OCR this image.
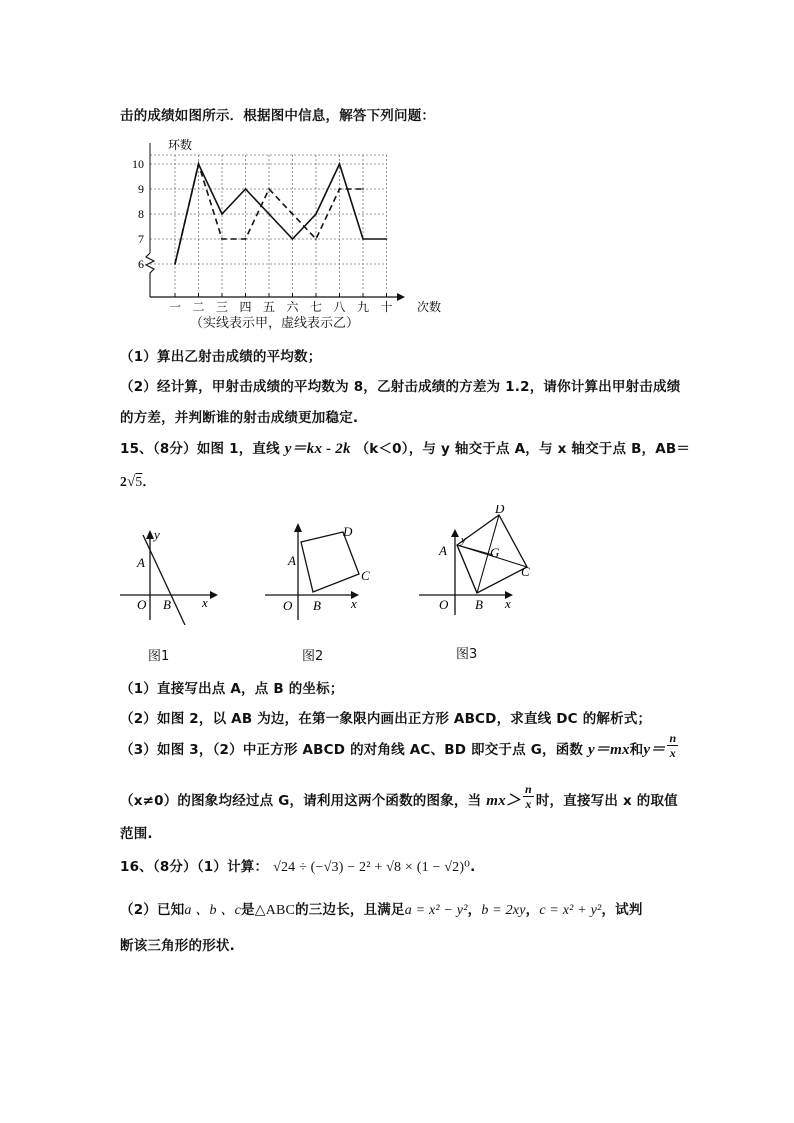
击的成绩如图所示．根据图中信息，解答下列问题：
6
7
8
9
10
环数
一 二 三 四 五 六 七 八 九 十 次数
（实线表示甲，虚线表示乙）
（1）算出乙射击成绩的平均数；
（2）经计算，甲射击成绩的平均数为 8，乙射击成绩的方差为 1.2，请你计算出甲射击成绩
的方差，并判断谁的射击成绩更加稳定.
15、（8分）如图 1，直线 y＝kx - 2k （k＜0），与 y 轴交于点 A，与 x 轴交于点 B，AB＝
2√5．
y
x
O
A
B
图1
O	x
A
B
C
D
图2
D
A
y
G
C
O B x
图3
（1）直接写出点 A，点 B 的坐标；
（2）如图 2，以 AB 为边，在第一象限内画出正方形 ABCD，求直线 DC 的解析式；
（3）如图 3，（2）中正方形 ABCD 的对角线 AC、BD 即交于点 G，函数 y＝mx和$y= \frac{n}{x}$
（x≠0）的图象均经过点 G，请利用这两个函数的图象，当 $mx> \frac{n}{x}$ 时，直接写出 x 的取值
范围.
16、（8分）（1）计算： √24 ÷ (−√3) − 2² + √8 × (1 − √2)⁰.
（2）已知a 、b 、c是△ABC的三边长，且满足a = x² − y²，b = 2xy，c = x² + y²，试判
断该三角形的形状.
